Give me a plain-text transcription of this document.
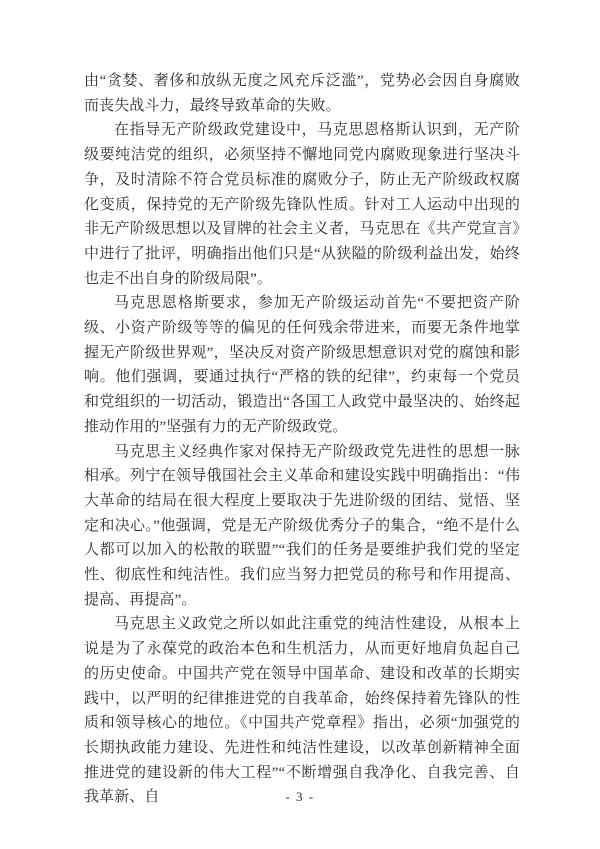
由“贪婪、奢侈和放纵无度之风充斥泛滥”，党势必会因自身腐败而丧失战斗力，最终导致革命的失败。

在指导无产阶级政党建设中，马克思恩格斯认识到，无产阶级要纯洁党的组织，必须坚持不懈地同党内腐败现象进行坚决斗争，及时清除不符合党员标准的腐败分子，防止无产阶级政权腐化变质，保持党的无产阶级先锋队性质。针对工人运动中出现的非无产阶级思想以及冒牌的社会主义者，马克思在《共产党宣言》中进行了批评，明确指出他们只是“从狭隘的阶级利益出发，始终也走不出自身的阶级局限”。

马克思恩格斯要求，参加无产阶级运动首先“不要把资产阶级、小资产阶级等等的偏见的任何残余带进来，而要无条件地掌握无产阶级世界观”，坚决反对资产阶级思想意识对党的腐蚀和影响。他们强调，要通过执行“严格的铁的纪律”，约束每一个党员和党组织的一切活动，锻造出“各国工人政党中最坚决的、始终起推动作用的”坚强有力的无产阶级政党。

马克思主义经典作家对保持无产阶级政党先进性的思想一脉相承。列宁在领导俄国社会主义革命和建设实践中明确指出：“伟大革命的结局在很大程度上要取决于先进阶级的团结、觉悟、坚定和决心。”他强调，党是无产阶级优秀分子的集合，“绝不是什么人都可以加入的松散的联盟”“我们的任务是要维护我们党的坚定性、彻底性和纯洁性。我们应当努力把党员的称号和作用提高、提高、再提高”。

马克思主义政党之所以如此注重党的纯洁性建设，从根本上说是为了永葆党的政治本色和生机活力，从而更好地肩负起自己的历史使命。中国共产党在领导中国革命、建设和改革的长期实践中，以严明的纪律推进党的自我革命，始终保持着先锋队的性质和领导核心的地位。《中国共产党章程》指出，必须“加强党的长期执政能力建设、先进性和纯洁性建设，以改革创新精神全面推进党的建设新的伟大工程”“不断增强自我净化、自我完善、自我革新、自	- 3 -
